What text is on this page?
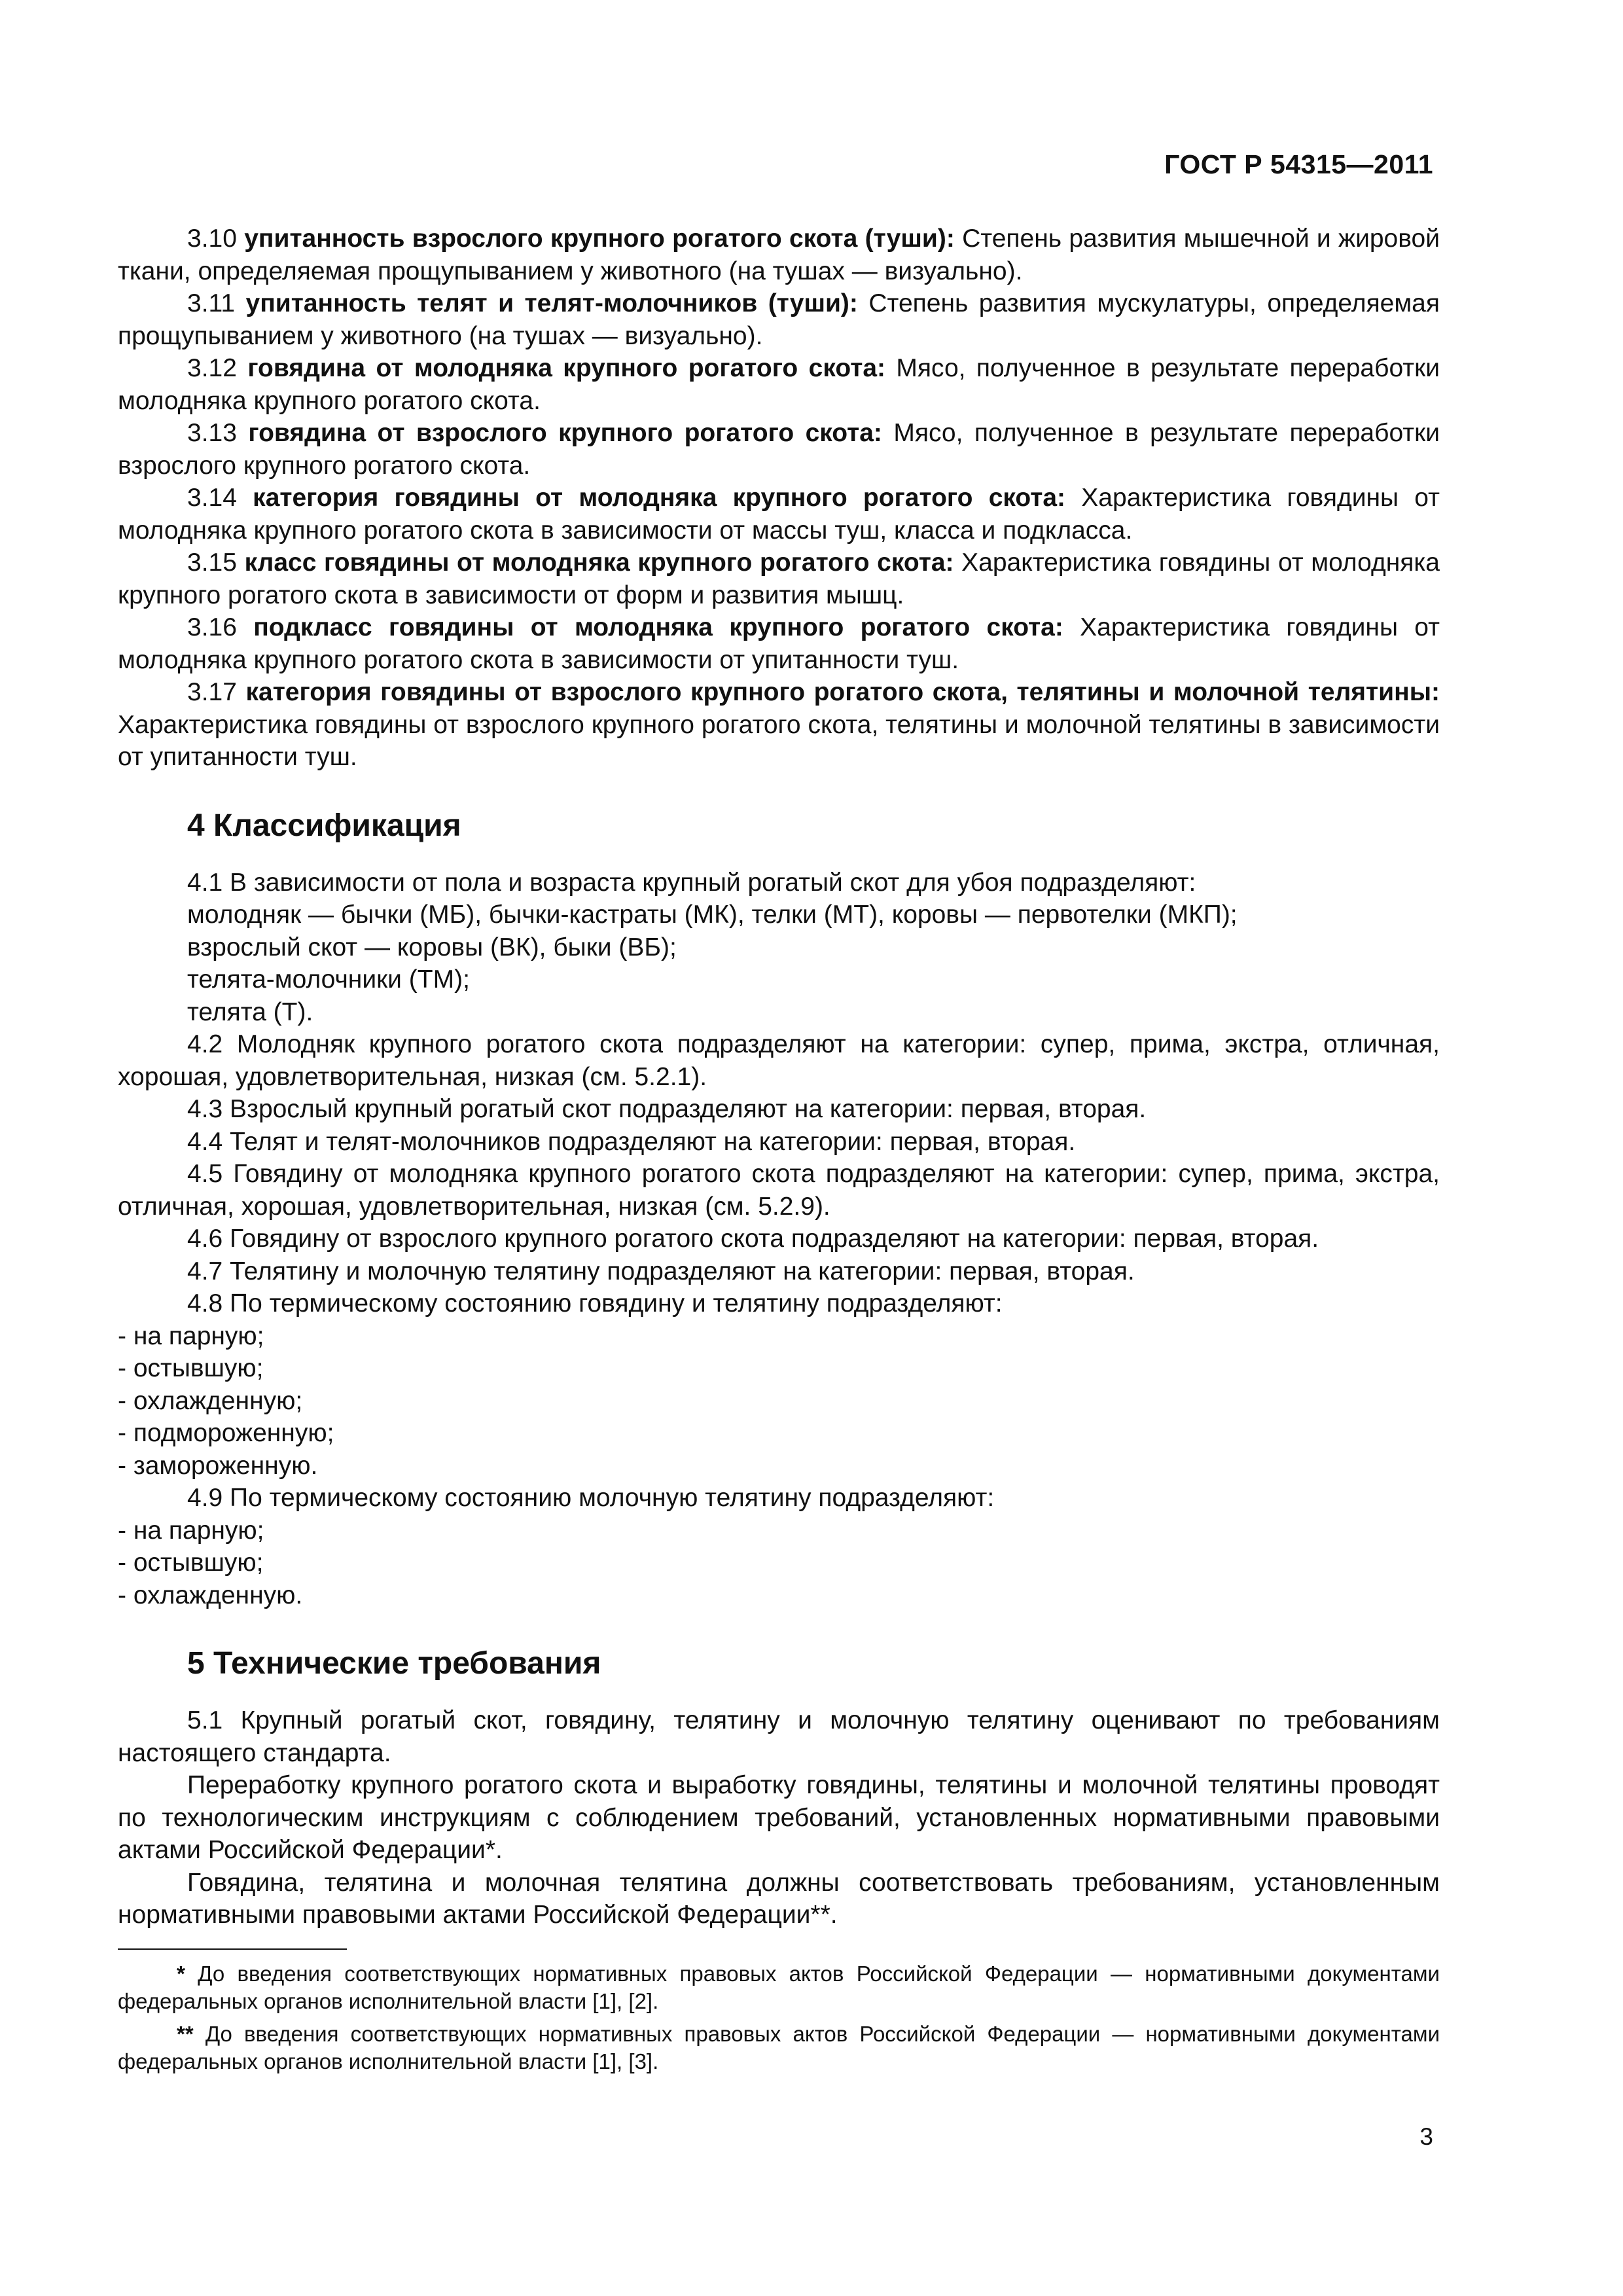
ГОСТ Р 54315—2011

3.10 упитанность взрослого крупного рогатого скота (туши): Степень развития мышечной и жировой ткани, определяемая прощупыванием у животного (на тушах — визуально).

3.11 упитанность телят и телят-молочников (туши): Степень развития мускулатуры, определяемая прощупыванием у животного (на тушах — визуально).

3.12 говядина от молодняка крупного рогатого скота: Мясо, полученное в результате переработки молодняка крупного рогатого скота.

3.13 говядина от взрослого крупного рогатого скота: Мясо, полученное в результате переработки взрослого крупного рогатого скота.

3.14 категория говядины от молодняка крупного рогатого скота: Характеристика говядины от молодняка крупного рогатого скота в зависимости от массы туш, класса и подкласса.

3.15 класс говядины от молодняка крупного рогатого скота: Характеристика говядины от молодняка крупного рогатого скота в зависимости от форм и развития мышц.

3.16 подкласс говядины от молодняка крупного рогатого скота: Характеристика говядины от молодняка крупного рогатого скота в зависимости от упитанности туш.

3.17 категория говядины от взрослого крупного рогатого скота, телятины и молочной телятины: Характеристика говядины от взрослого крупного рогатого скота, телятины и молочной телятины в зависимости от упитанности туш.

4 Классификация

4.1 В зависимости от пола и возраста крупный рогатый скот для убоя подразделяют:

молодняк — бычки (МБ), бычки-кастраты (МК), телки (МТ), коровы — первотелки (МКП);

взрослый скот — коровы (ВК), быки (ВБ);

телята-молочники (ТМ);

телята (Т).

4.2 Молодняк крупного рогатого скота подразделяют на категории: супер, прима, экстра, отличная, хорошая, удовлетворительная, низкая (см. 5.2.1).

4.3 Взрослый крупный рогатый скот подразделяют на категории: первая, вторая.

4.4 Телят и телят-молочников подразделяют на категории: первая, вторая.

4.5 Говядину от молодняка крупного рогатого скота подразделяют на категории: супер, прима, экстра, отличная, хорошая, удовлетворительная, низкая (см. 5.2.9).

4.6 Говядину от взрослого крупного рогатого скота подразделяют на категории: первая, вторая.

4.7 Телятину и молочную телятину подразделяют на категории: первая, вторая.

4.8 По термическому состоянию говядину и телятину подразделяют:

- на парную;

- остывшую;

- охлажденную;

- подмороженную;

- замороженную.

4.9 По термическому состоянию молочную телятину подразделяют:

- на парную;

- остывшую;

- охлажденную.

5 Технические требования

5.1 Крупный рогатый скот, говядину, телятину и молочную телятину оценивают по требованиям настоящего стандарта.

Переработку крупного рогатого скота и выработку говядины, телятины и молочной телятины проводят по технологическим инструкциям с соблюдением требований, установленных нормативными правовыми актами Российской Федерации*.

Говядина, телятина и молочная телятина должны соответствовать требованиям, установленным нормативными правовыми актами Российской Федерации**.

* До введения соответствующих нормативных правовых актов Российской Федерации — нормативными документами федеральных органов исполнительной власти [1], [2].

** До введения соответствующих нормативных правовых актов Российской Федерации — нормативными документами федеральных органов исполнительной власти [1], [3].

3
